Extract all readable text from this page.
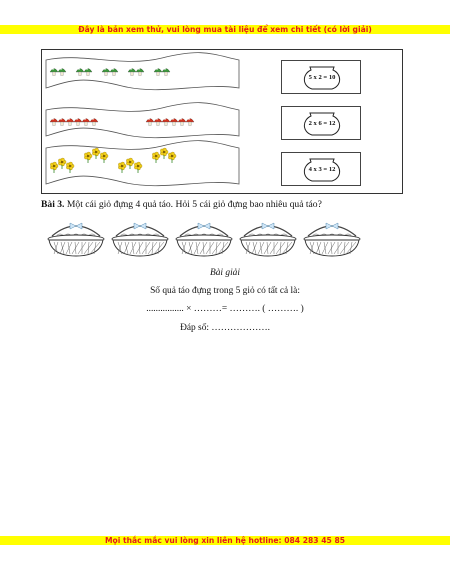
Đây là bản xem thử, vui lòng mua tài liệu để xem chi tiết (có lời giải)
5 x 2 = 10
2 x 6 = 12
4 x 3 = 12
Bài 3. Một cái giỏ đựng 4 quả táo. Hỏi 5 cái giỏ đựng bao nhiêu quả táo?
Bài giải
Số quả táo đựng trong 5 giỏ có tất cả là:
................ × ………= ………. ( ………. )
Đáp số: ……………….
Mọi thắc mắc vui lòng xin liên hệ hotline: 084 283 45 85
